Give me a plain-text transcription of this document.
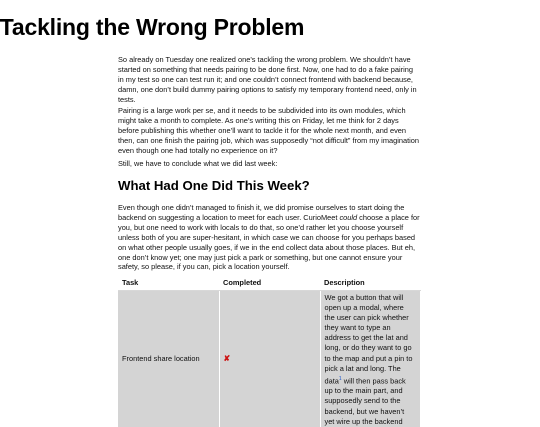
Tackling the Wrong Problem

So already on Tuesday one realized one’s tackling the wrong problem. We shouldn’t have started on something that needs pairing to be done first. Now, one had to do a fake pairing in my test so one can test run it; and one couldn’t connect frontend with backend because, damn, one don’t build dummy pairing options to satisfy my temporary frontend need, only in tests.

Pairing is a large work per se, and it needs to be subdivided into its own modules, which might take a month to complete. As one’s writing this on Friday, let me think for 2 days before publishing this whether one’ll want to tackle it for the whole next month, and even then, can one finish the pairing job, which was supposedly “not difficult” from my imagination even though one had totally no experience on it?

Still, we have to conclude what we did last week:

What Had One Did This Week?

Even though one didn’t managed to finish it, we did promise ourselves to start doing the backend on suggesting a location to meet for each user. CurioMeet could choose a place for you, but one need to work with locals to do that, so one’d rather let you choose yourself unless both of you are super-hesitant, in which case we can choose for you perhaps based on what other people usually goes, if we in the end collect data about those places. But eh, one don’t know yet; one may just pick a park or something, but one cannot ensure your safety, so please, if you can, pick a location yourself.

Task	Completed	Description
Frontend share location	✘	We got a button that will open up a modal, where the user can pick whether they want to type an address to get the lat and long, or do they want to go to the map and put a pin to pick a lat and long. The data$^1$ will then pass back up to the main part, and supposedly send to the backend, but we haven’t yet wire up the backend
